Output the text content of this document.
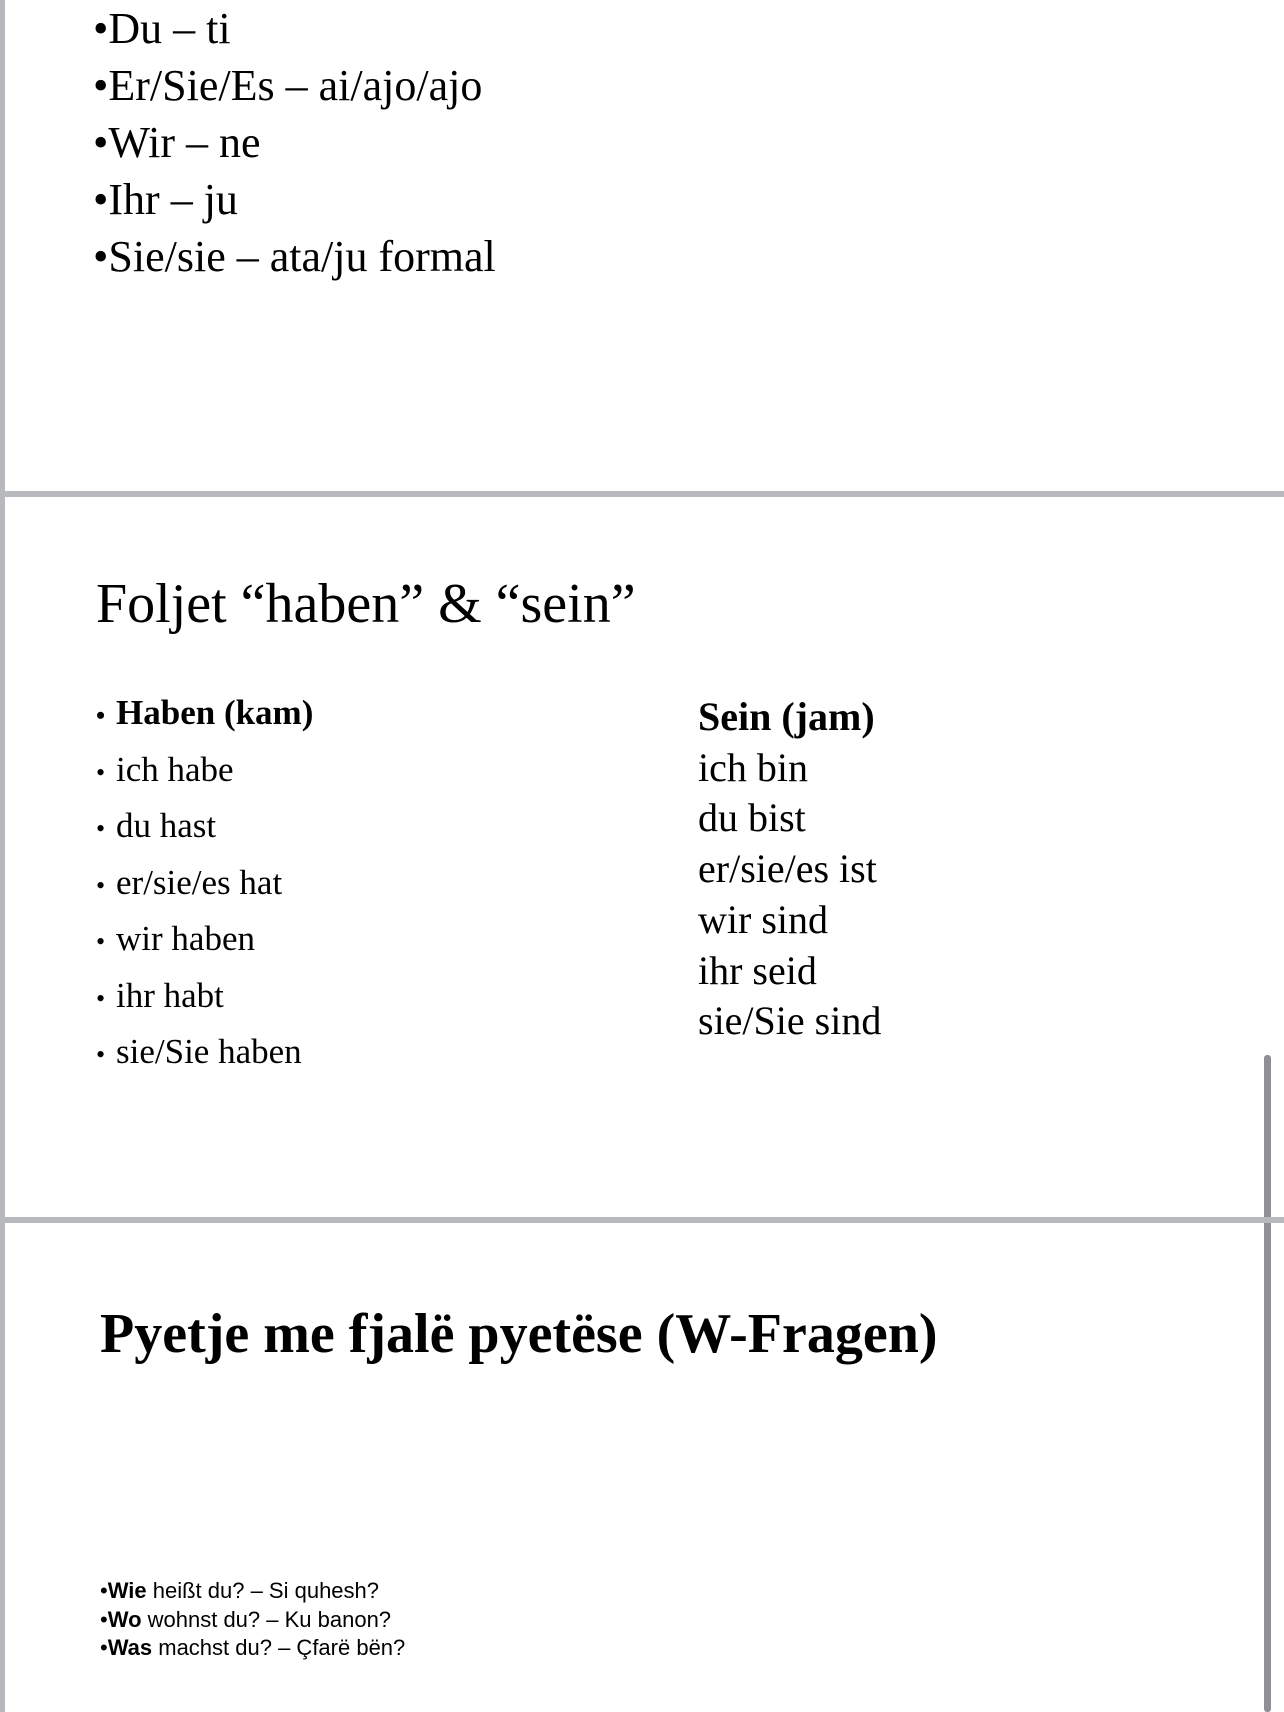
•Du – ti
•Er/Sie/Es – ai/ajo/ajo
•Wir – ne
•Ihr – ju
•Sie/sie – ata/ju formal
Foljet “haben” & “sein”
• Haben (kam)
• ich habe
• du hast
• er/sie/es hat
• wir haben
• ihr habt
• sie/Sie haben
Sein (jam)
ich bin
du bist
er/sie/es ist
wir sind
ihr seid
sie/Sie sind
Pyetje me fjalë pyetëse (W-Fragen)
•Wie heißt du? – Si quhesh?
•Wo wohnst du? – Ku banon?
•Was machst du? – Çfarë bën?
